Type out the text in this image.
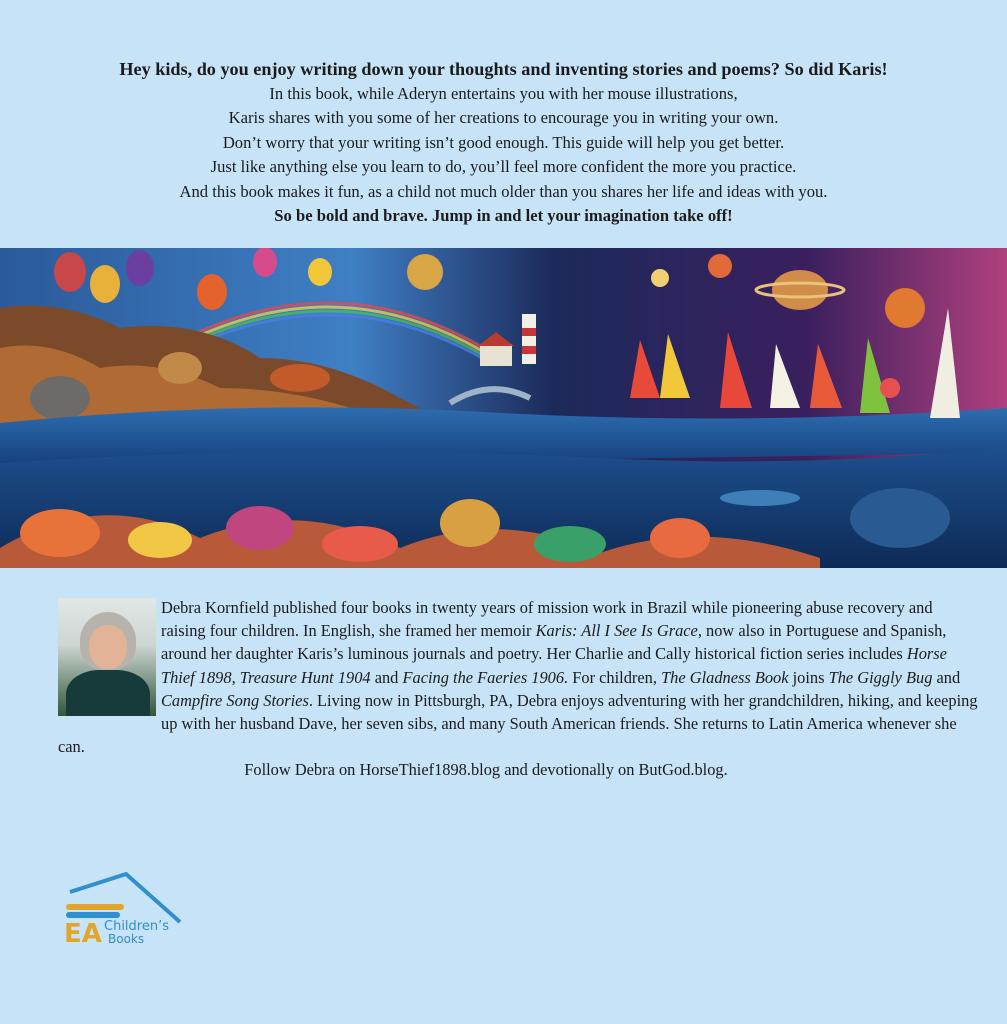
Hey kids, do you enjoy writing down your thoughts and inventing stories and poems? So did Karis!

In this book, while Aderyn entertains you with her mouse illustrations,

Karis shares with you some of her creations to encourage you in writing your own.

Don’t worry that your writing isn’t good enough. This guide will help you get better.

Just like anything else you learn to do, you’ll feel more confident the more you practice.

And this book makes it fun, as a child not much older than you shares her life and ideas with you.

So be bold and brave. Jump in and let your imagination take off!

Debra Kornfield published four books in twenty years of mission work in Brazil while pioneering abuse recovery and raising four children. In English, she framed her memoir Karis: All I See Is Grace, now also in Portuguese and Spanish, around her daughter Karis’s luminous journals and poetry. Her Charlie and Cally historical fiction series includes Horse Thief 1898, Treasure Hunt 1904 and Facing the Faeries 1906. For children, The Gladness Book joins The Giggly Bug and Campfire Song Stories. Living now in Pittsburgh, PA, Debra enjoys adventuring with her grandchildren, hiking, and keeping up with her husband Dave, her seven sibs, and many South American friends. She returns to Latin America whenever she can.

Follow Debra on HorseThief1898.blog and devotionally on ButGod.blog.

EA Children’s
Books
